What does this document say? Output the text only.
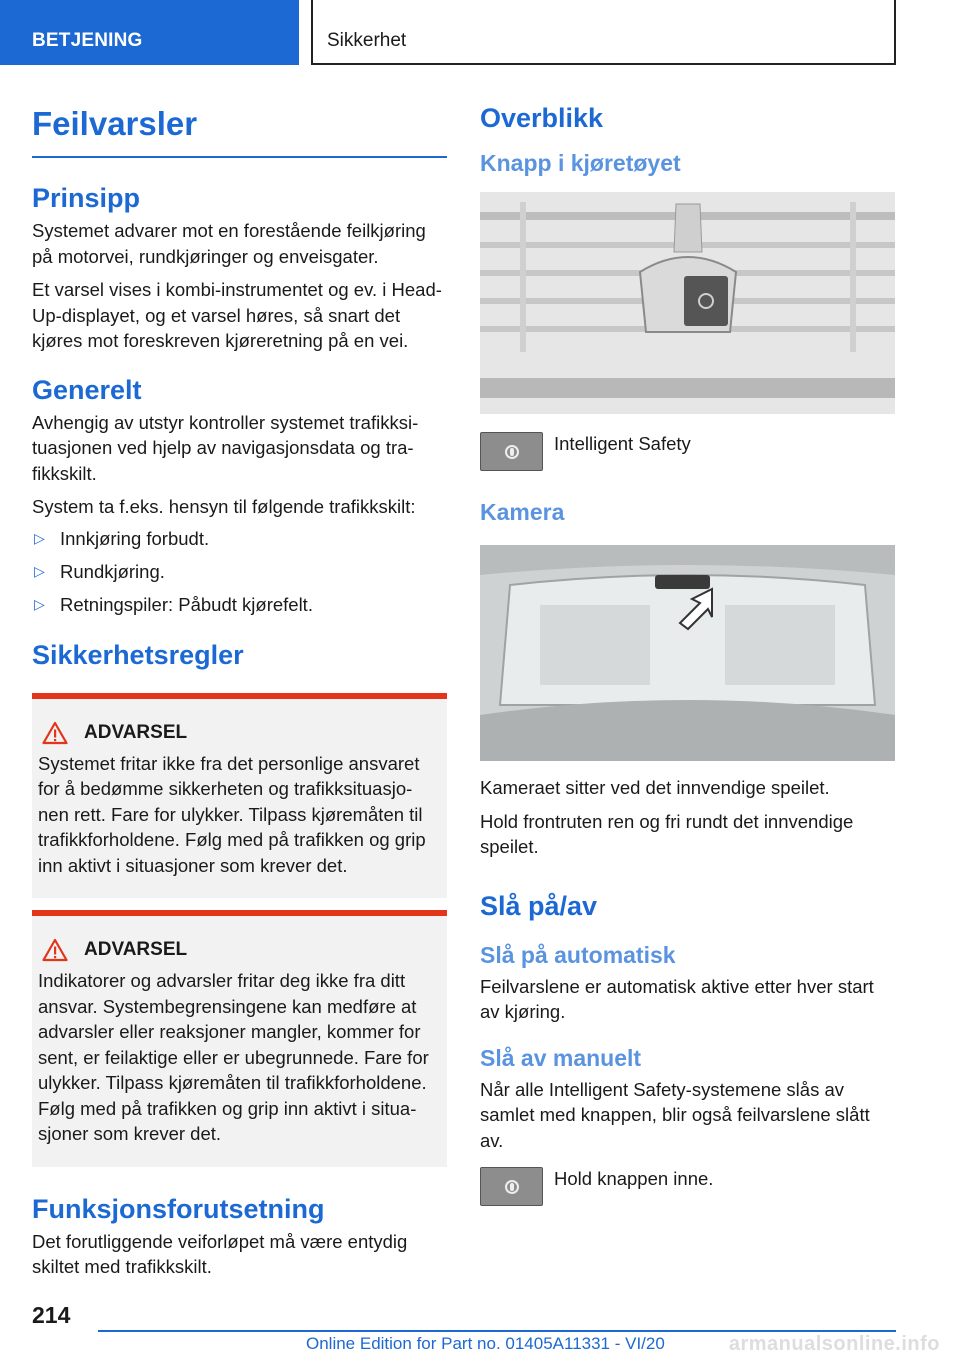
BETJENING	Sikkerhet
Feilvarsler
Prinsipp

Systemet advarer mot en forestående feilkjøring på motorvei, rundkjøringer og enveisgater.

Et varsel vises i kombi-instrumentet og ev. i Head-Up-displayet, og et varsel høres, så snart det kjøres mot foreskreven kjøreretning på en vei.

Generelt

Avhengig av utstyr kontroller systemet trafikksi-tuasjonen ved hjelp av navigasjonsdata og tra-fikkskilt.

System ta f.eks. hensyn til følgende trafikkskilt:

▷ Innkjøring forbudt.
▷ Rundkjøring.
▷ Retningspiler: Påbudt kjørefelt.
Sikkerhetsregler
ADVARSEL

Systemet fritar ikke fra det personlige ansvaret for å bedømme sikkerheten og trafikksituasjo-nen rett. Fare for ulykker. Tilpass kjøremåten til trafikkforholdene. Følg med på trafikken og grip inn aktivt i situasjoner som krever det.

ADVARSEL

Indikatorer og advarsler fritar deg ikke fra ditt ansvar. Systembegrensingene kan medføre at advarsler eller reaksjoner mangler, kommer for sent, er feilaktige eller er ubegrunnede. Fare for ulykker. Tilpass kjøremåten til trafikkforholdene. Følg med på trafikken og grip inn aktivt i situa-sjoner som krever det.

Funksjonsforutsetning

Det forutliggende veiforløpet må være entydig skiltet med trafikkskilt.

Overblikk
Knapp i kjøretøyet
Intelligent Safety
Kamera

Kameraet sitter ved det innvendige speilet.

Hold frontruten ren og fri rundt det innvendige speilet.

Slå på/av
Slå på automatisk

Feilvarslene er automatisk aktive etter hver start av kjøring.

Slå av manuelt

Når alle Intelligent Safety-systemene slås av samlet med knappen, blir også feilvarslene slått av.

Hold knappen inne.
214
Online Edition for Part no. 01405A11331 - VI/20	armanualsonline.info
